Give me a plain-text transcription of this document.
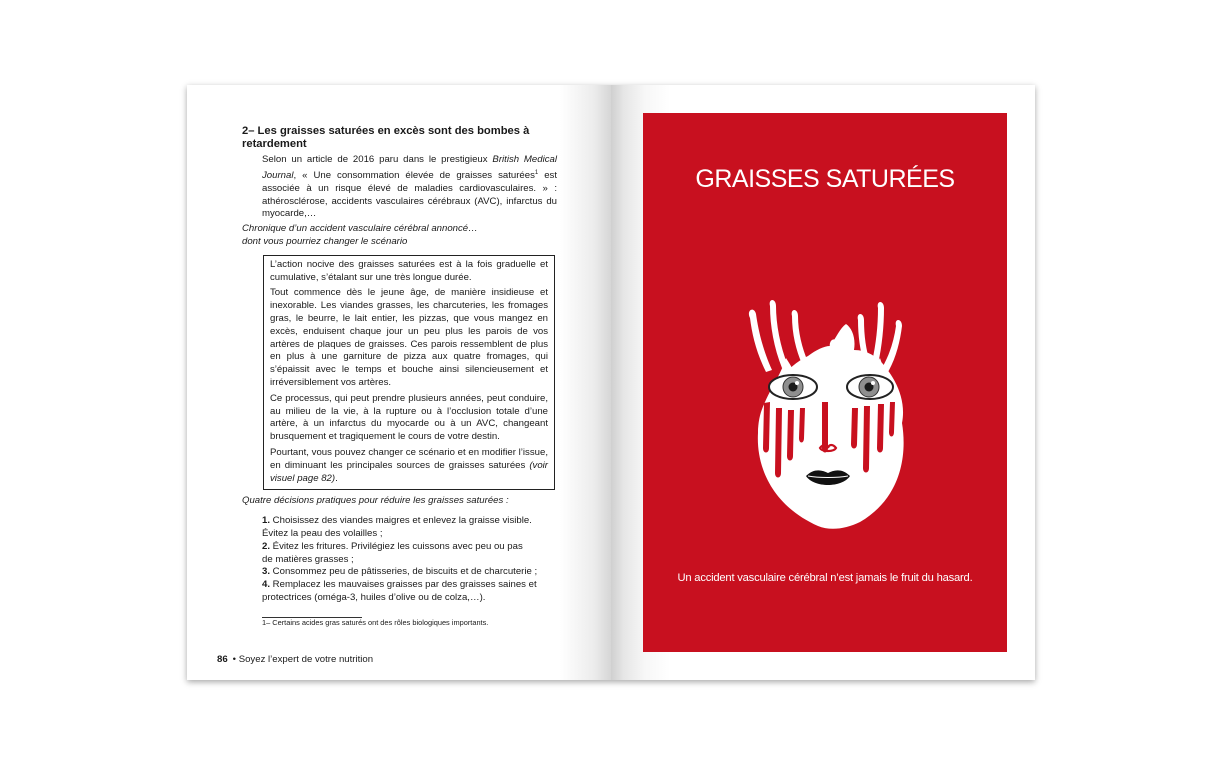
2– Les graisses saturées en excès sont des bombes à retardement

Selon un article de 2016 paru dans le prestigieux British Medical Journal, « Une consommation élevée de graisses saturées$^1$ est associée à un risque élevé de maladies cardiovasculaires. » : athérosclérose, accidents vasculaires cérébraux (AVC), infarctus du myocarde,…

Chronique d’un accident vasculaire cérébral annoncé…

dont vous pourriez changer le scénario

L’action nocive des graisses saturées est à la fois graduelle et cumulative, s’étalant sur une très longue durée.

Tout commence dès le jeune âge, de manière insidieuse et inexorable. Les viandes grasses, les charcuteries, les fromages gras, le beurre, le lait entier, les pizzas, que vous mangez en excès, enduisent chaque jour un peu plus les parois de vos artères de plaques de graisses. Ces parois ressemblent de plus en plus à une garniture de pizza aux quatre fromages, qui s’épaissit avec le temps et bouche ainsi silencieusement et irréversiblement vos artères.

Ce processus, qui peut prendre plusieurs années, peut conduire, au milieu de la vie, à la rupture ou à l’occlusion totale d’une artère, à un infarctus du myocarde ou à un AVC, changeant brusquement et tragiquement le cours de votre destin.

Pourtant, vous pouvez changer ce scénario et en modifier l’issue, en diminuant les principales sources de graisses saturées (voir visuel page 82).

Quatre décisions pratiques pour réduire les graisses saturées :

1. Choisissez des viandes maigres et enlevez la graisse visible.

Évitez la peau des volailles ;

2. Évitez les fritures. Privilégiez les cuissons avec peu ou pas

de matières grasses ;

3. Consommez peu de pâtisseries, de biscuits et de charcuterie ;

4. Remplacez les mauvaises graisses par des graisses saines et

protectrices (oméga-3, huiles d’olive ou de colza,…).

1– Certains acides gras saturés ont des rôles biologiques importants.

86 • Soyez l’expert de votre nutrition
GRAISSES SATURÉES
Un accident vasculaire cérébral n’est jamais le fruit du hasard.
